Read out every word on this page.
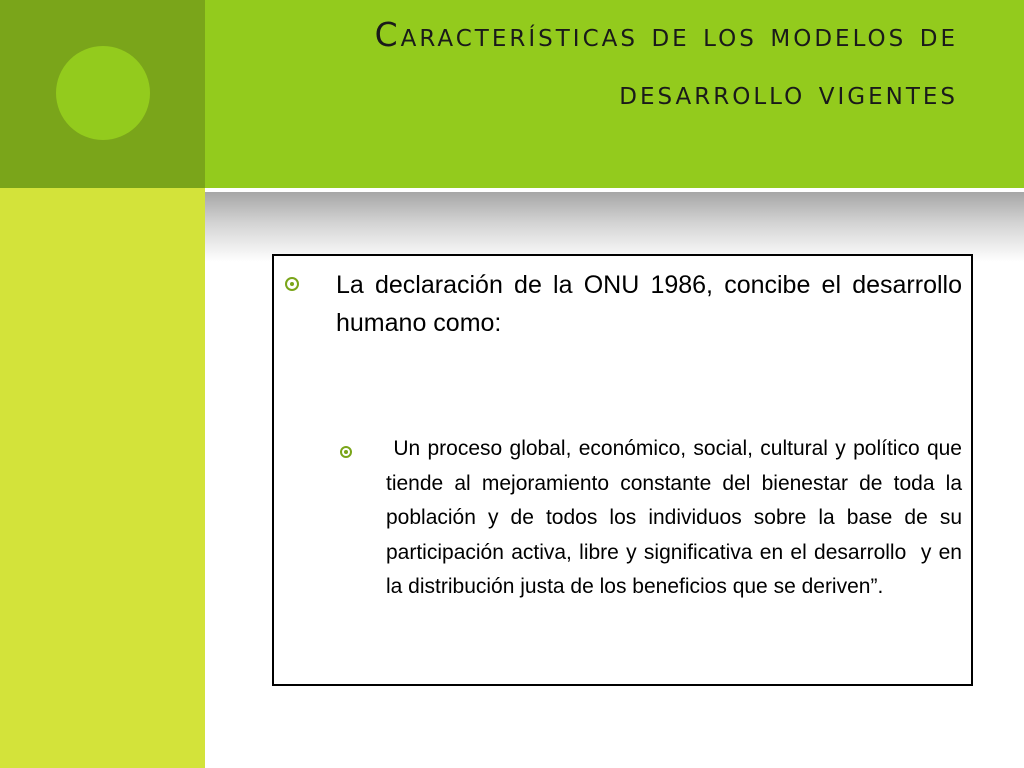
Características de los modelos de desarrollo vigentes

La declaración de la ONU 1986, concibe el desarrollo humano como:

Un proceso global, económico, social, cultural y político que tiende al mejoramiento constante del bienestar de toda la población y de todos los individuos sobre la base de su participación activa, libre y significativa en el desarrollo  y en la distribución justa de los beneficios que se deriven”.
